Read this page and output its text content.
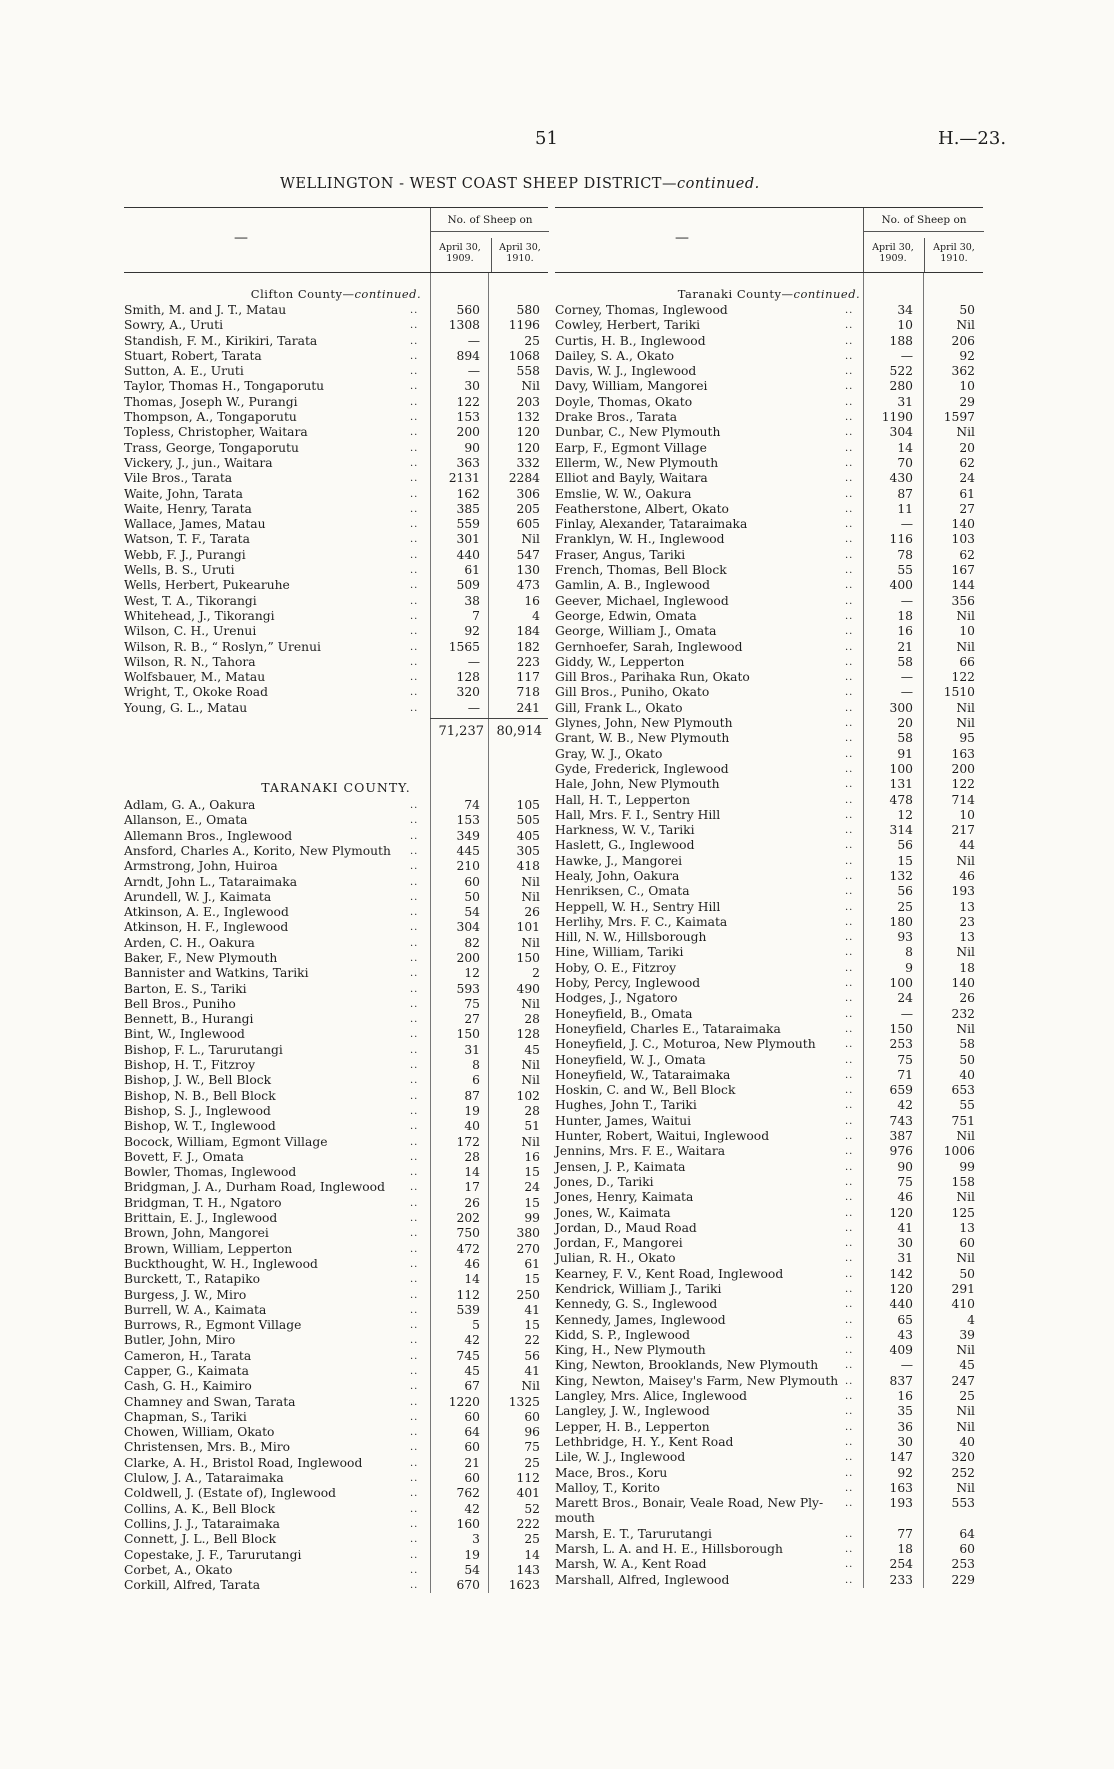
51	H.—23.
WELLINGTON - WEST COAST SHEEP DISTRICT—continued.
—
No. of Sheep on
April 30, 1909.
April 30, 1910.
Clifton County—continued.
Smith, M. and J. T., Matau	..	560	580
Sowry, A., Uruti	..	1308	1196
Standish, F. M., Kirikiri, Tarata	..	—	25
Stuart, Robert, Tarata	..	894	1068
Sutton, A. E., Uruti	..	—	558
Taylor, Thomas H., Tongaporutu	..	30	Nil
Thomas, Joseph W., Purangi	..	122	203
Thompson, A., Tongaporutu	..	153	132
Topless, Christopher, Waitara	..	200	120
Trass, George, Tongaporutu	..	90	120
Vickery, J., jun., Waitara	..	363	332
Vile Bros., Tarata	..	2131	2284
Waite, John, Tarata	..	162	306
Waite, Henry, Tarata	..	385	205
Wallace, James, Matau	..	559	605
Watson, T. F., Tarata	..	301	Nil
Webb, F. J., Purangi	..	440	547
Wells, B. S., Uruti	..	61	130
Wells, Herbert, Pukearuhe	..	509	473
West, T. A., Tikorangi	..	38	16
Whitehead, J., Tikorangi	..	7	4
Wilson, C. H., Urenui	..	92	184
Wilson, R. B., “ Roslyn,” Urenui	..	1565	182
Wilson, R. N., Tahora	..	—	223
Wolfsbauer, M., Matau	..	128	117
Wright, T., Okoke Road	..	320	718
Young, G. L., Matau	..	—	241
71,237 80,914
TARANAKI COUNTY.
Adlam, G. A., Oakura	..	74	105
Allanson, E., Omata	..	153	505
Allemann Bros., Inglewood	..	349	405
Ansford, Charles A., Korito, New Plymouth ..	445	305
Armstrong, John, Huiroa	..	210	418
Arndt, John L., Tataraimaka	..	60	Nil
Arundell, W. J., Kaimata	..	50	Nil
Atkinson, A. E., Inglewood	..	54	26
Atkinson, H. F., Inglewood	..	304	101
Arden, C. H., Oakura	..	82	Nil
Baker, F., New Plymouth	..	200	150
Bannister and Watkins, Tariki	..	12	2
Barton, E. S., Tariki	..	593	490
Bell Bros., Puniho	..	75	Nil
Bennett, B., Hurangi	..	27	28
Bint, W., Inglewood	..	150	128
Bishop, F. L., Tarurutangi	..	31	45
Bishop, H. T., Fitzroy	..	8	Nil
Bishop, J. W., Bell Block	..	6	Nil
Bishop, N. B., Bell Block	..	87	102
Bishop, S. J., Inglewood	..	19	28
Bishop, W. T., Inglewood	..	40	51
Bocock, William, Egmont Village	..	172	Nil
Bovett, F. J., Omata	..	28	16
Bowler, Thomas, Inglewood	..	14	15
Bridgman, J. A., Durham Road, Inglewood	..	17	24
Bridgman, T. H., Ngatoro	..	26	15
Brittain, E. J., Inglewood	..	202	99
Brown, John, Mangorei	..	750	380
Brown, William, Lepperton	..	472	270
Buckthought, W. H., Inglewood	..	46	61
Burckett, T., Ratapiko	..	14	15
Burgess, J. W., Miro	..	112	250
Burrell, W. A., Kaimata	..	539	41
Burrows, R., Egmont Village	..	5	15
Butler, John, Miro	..	42	22
Cameron, H., Tarata	..	745	56
Capper, G., Kaimata	..	45	41
Cash, G. H., Kaimiro	..	67	Nil
Chamney and Swan, Tarata	..	1220	1325
Chapman, S., Tariki	..	60	60
Chowen, William, Okato	..	64	96
Christensen, Mrs. B., Miro	..	60	75
Clarke, A. H., Bristol Road, Inglewood	..	21	25
Clulow, J. A., Tataraimaka	..	60	112
Coldwell, J. (Estate of), Inglewood	..	762	401
Collins, A. K., Bell Block	..	42	52
Collins, J. J., Tataraimaka	..	160	222
Connett, J. L., Bell Block	..	3	25
Copestake, J. F., Tarurutangi	..	19	14
Corbet, A., Okato	..	54	143
Corkill, Alfred, Tarata	..	670	1623
—
No. of Sheep on
April 30, 1909.
April 30, 1910.
Taranaki County—continued.
Corney, Thomas, Inglewood	..	34	50
Cowley, Herbert, Tariki	..	10	Nil
Curtis, H. B., Inglewood	..	188	206
Dailey, S. A., Okato	..	—	92
Davis, W. J., Inglewood	..	522	362
Davy, William, Mangorei	..	280	10
Doyle, Thomas, Okato	..	31	29
Drake Bros., Tarata	..	1190	1597
Dunbar, C., New Plymouth	..	304	Nil
Earp, F., Egmont Village	..	14	20
Ellerm, W., New Plymouth	..	70	62
Elliot and Bayly, Waitara	..	430	24
Emslie, W. W., Oakura	..	87	61
Featherstone, Albert, Okato	..	11	27
Finlay, Alexander, Tataraimaka	..	—	140
Franklyn, W. H., Inglewood	..	116	103
Fraser, Angus, Tariki	..	78	62
French, Thomas, Bell Block	..	55	167
Gamlin, A. B., Inglewood	..	400	144
Geever, Michael, Inglewood	..	—	356
George, Edwin, Omata	..	18	Nil
George, William J., Omata	..	16	10
Gernhoefer, Sarah, Inglewood	..	21	Nil
Giddy, W., Lepperton	..	58	66
Gill Bros., Parihaka Run, Okato	..	—	122
Gill Bros., Puniho, Okato	..	—	1510
Gill, Frank L., Okato	..	300	Nil
Glynes, John, New Plymouth	..	20	Nil
Grant, W. B., New Plymouth	..	58	95
Gray, W. J., Okato	..	91	163
Gyde, Frederick, Inglewood	..	100	200
Hale, John, New Plymouth	..	131	122
Hall, H. T., Lepperton	..	478	714
Hall, Mrs. F. I., Sentry Hill	..	12	10
Harkness, W. V., Tariki	..	314	217
Haslett, G., Inglewood	..	56	44
Hawke, J., Mangorei	..	15	Nil
Healy, John, Oakura	..	132	46
Henriksen, C., Omata	..	56	193
Heppell, W. H., Sentry Hill	..	25	13
Herlihy, Mrs. F. C., Kaimata	..	180	23
Hill, N. W., Hillsborough	..	93	13
Hine, William, Tariki	..	8	Nil
Hoby, O. E., Fitzroy	..	9	18
Hoby, Percy, Inglewood	..	100	140
Hodges, J., Ngatoro	..	24	26
Honeyfield, B., Omata	..	—	232
Honeyfield, Charles E., Tataraimaka	..	150	Nil
Honeyfield, J. C., Moturoa, New Plymouth	..	253	58
Honeyfield, W. J., Omata	..	75	50
Honeyfield, W., Tataraimaka	..	71	40
Hoskin, C. and W., Bell Block	..	659	653
Hughes, John T., Tariki	..	42	55
Hunter, James, Waitui	..	743	751
Hunter, Robert, Waitui, Inglewood	..	387	Nil
Jennins, Mrs. F. E., Waitara	..	976	1006
Jensen, J. P., Kaimata	..	90	99
Jones, D., Tariki	..	75	158
Jones, Henry, Kaimata	..	46	Nil
Jones, W., Kaimata	..	120	125
Jordan, D., Maud Road	..	41	13
Jordan, F., Mangorei	..	30	60
Julian, R. H., Okato	..	31	Nil
Kearney, F. V., Kent Road, Inglewood	..	142	50
Kendrick, William J., Tariki	..	120	291
Kennedy, G. S., Inglewood	..	440	410
Kennedy, James, Inglewood	..	65	4
Kidd, S. P., Inglewood	..	43	39
King, H., New Plymouth	..	409	Nil
King, Newton, Brooklands, New Plymouth	..	—	45
King, Newton, Maisey's Farm, New Plymouth ..	837	247
Langley, Mrs. Alice, Inglewood	..	16	25
Langley, J. W., Inglewood	..	35	Nil
Lepper, H. B., Lepperton	..	36	Nil
Lethbridge, H. Y., Kent Road	..	30	40
Lile, W. J., Inglewood	..	147	320
Mace, Bros., Koru	..	92	252
Malloy, T., Korito	..	163	Nil
Marett Bros., Bonair, Veale Road, New Ply- ..	193	553
mouth
Marsh, E. T., Tarurutangi	..	77	64
Marsh, L. A. and H. E., Hillsborough	..	18	60
Marsh, W. A., Kent Road	..	254	253
Marshall, Alfred, Inglewood	..	233	229
